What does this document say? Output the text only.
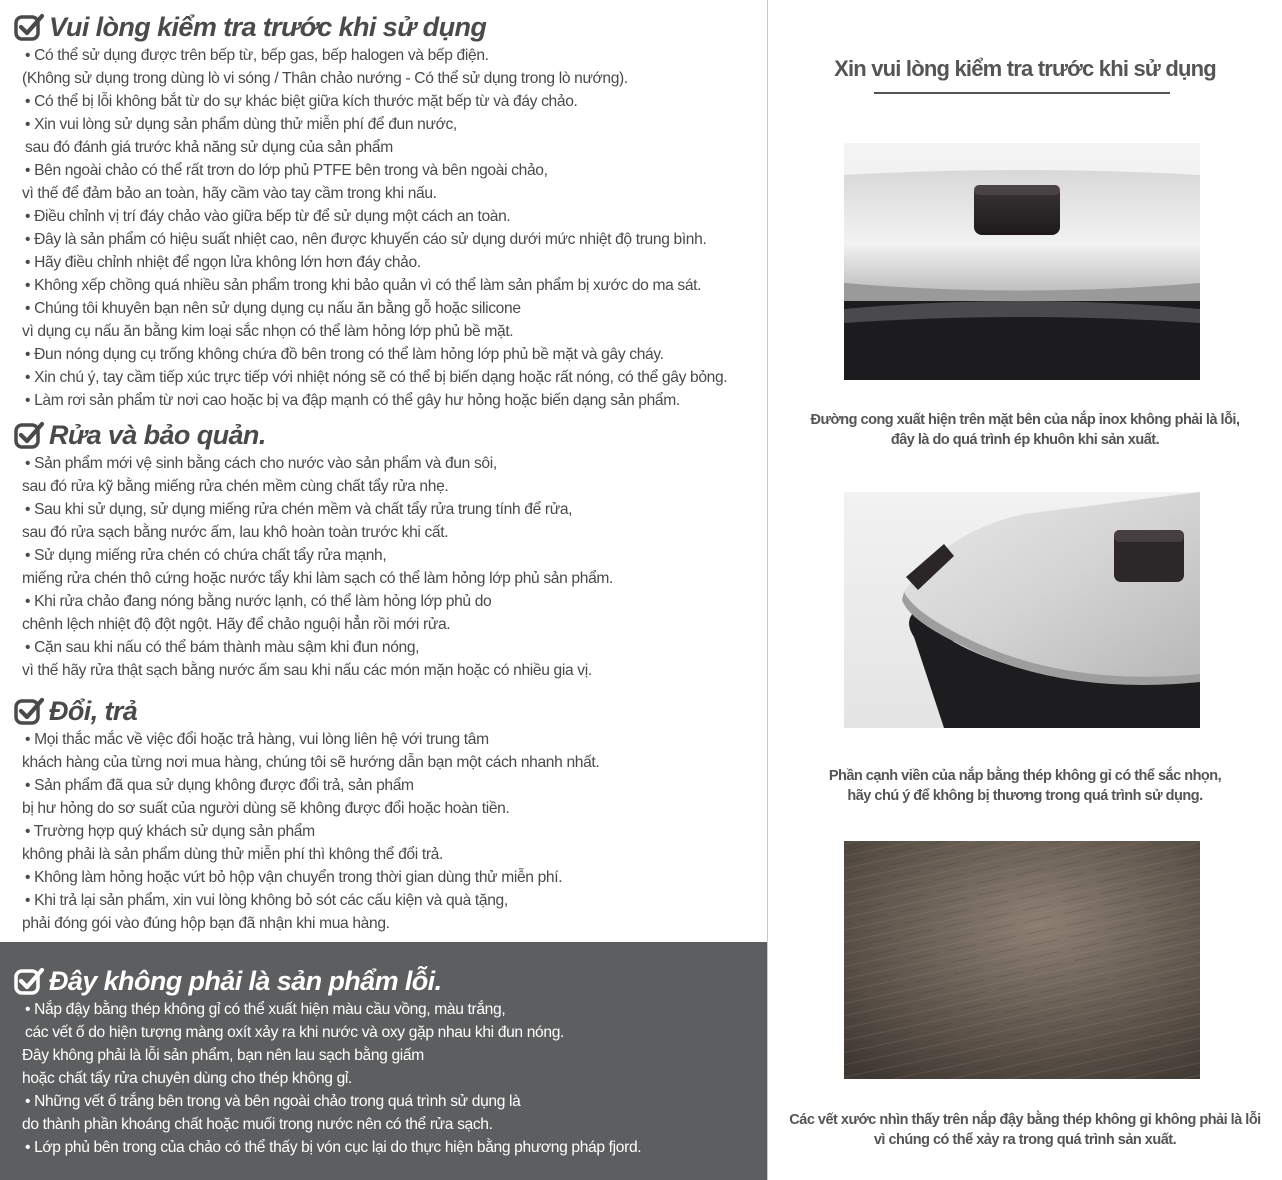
Vui lòng kiểm tra trước khi sử dụng
• Có thể sử dụng được trên bếp từ, bếp gas, bếp halogen và bếp điện.
(Không sử dụng trong dùng lò vi sóng / Thân chảo nướng - Có thể sử dụng trong lò nướng).
• Có thể bị lỗi không bắt từ do sự khác biệt giữa kích thước mặt bếp từ và đáy chảo.
• Xin vui lòng sử dụng sản phẩm dùng thử miễn phí để đun nước,
sau đó đánh giá trước khả năng sử dụng của sản phẩm
• Bên ngoài chảo có thể rất trơn do lớp phủ PTFE bên trong và bên ngoài chảo,
vì thế để đảm bảo an toàn, hãy cầm vào tay cầm trong khi nấu.
• Điều chỉnh vị trí đáy chảo vào giữa bếp từ để sử dụng một cách an toàn.
• Đây là sản phẩm có hiệu suất nhiệt cao, nên được khuyến cáo sử dụng dưới mức nhiệt độ trung bình.
• Hãy điều chỉnh nhiệt để ngọn lửa không lớn hơn đáy chảo.
• Không xếp chồng quá nhiều sản phẩm trong khi bảo quản vì có thể làm sản phẩm bị xước do ma sát.
• Chúng tôi khuyên bạn nên sử dụng dụng cụ nấu ăn bằng gỗ hoặc silicone
vì dụng cụ nấu ăn bằng kim loại sắc nhọn có thể làm hỏng lớp phủ bề mặt.
• Đun nóng dụng cụ trống không chứa đồ bên trong có thể làm hỏng lớp phủ bề mặt và gây cháy.
• Xin chú ý, tay cầm tiếp xúc trực tiếp với nhiệt nóng sẽ có thể bị biến dạng hoặc rất nóng, có thể gây bỏng.
• Làm rơi sản phẩm từ nơi cao hoặc bị va đập mạnh có thể gây hư hỏng hoặc biến dạng sản phẩm.
Rửa và bảo quản.
• Sản phẩm mới vệ sinh bằng cách cho nước vào sản phẩm và đun sôi,
sau đó rửa kỹ bằng miếng rửa chén mềm cùng chất tẩy rửa nhẹ.
• Sau khi sử dụng, sử dụng miếng rửa chén mềm và chất tẩy rửa trung tính để rửa,
sau đó rửa sạch bằng nước ấm, lau khô hoàn toàn trước khi cất.
• Sử dụng miếng rửa chén có chứa chất tẩy rửa mạnh,
miếng rửa chén thô cứng hoặc nước tẩy khi làm sạch có thể làm hỏng lớp phủ sản phẩm.
• Khi rửa chảo đang nóng bằng nước lạnh, có thể làm hỏng lớp phủ do
chênh lệch nhiệt độ đột ngột. Hãy để chảo nguội hẳn rồi mới rửa.
• Cặn sau khi nấu có thể bám thành màu sậm khi đun nóng,
vì thế hãy rửa thật sạch bằng nước ấm sau khi nấu các món mặn hoặc có nhiều gia vị.
Đổi, trả
• Mọi thắc mắc về việc đổi hoặc trả hàng, vui lòng liên hệ với trung tâm
khách hàng của từng nơi mua hàng, chúng tôi sẽ hướng dẫn bạn một cách nhanh nhất.
• Sản phẩm đã qua sử dụng không được đổi trả, sản phẩm
bị hư hỏng do sơ suất của người dùng sẽ không được đổi hoặc hoàn tiền.
• Trường hợp quý khách sử dụng sản phẩm
không phải là sản phẩm dùng thử miễn phí thì không thể đổi trả.
• Không làm hỏng hoặc vứt bỏ hộp vận chuyển trong thời gian dùng thử miễn phí.
• Khi trả lại sản phẩm, xin vui lòng không bỏ sót các cấu kiện và quà tặng,
phải đóng gói vào đúng hộp bạn đã nhận khi mua hàng.
Đây không phải là sản phẩm lỗi.
• Nắp đậy bằng thép không gỉ có thể xuất hiện màu cầu vồng, màu trắng,
các vết ố do hiện tượng màng oxít xảy ra khi nước và oxy gặp nhau khi đun nóng.
Đây không phải là lỗi sản phẩm, bạn nên lau sạch bằng giấm
hoặc chất tẩy rửa chuyên dùng cho thép không gỉ.
• Những vết ố trắng bên trong và bên ngoài chảo trong quá trình sử dụng là
do thành phần khoáng chất hoặc muối trong nước nên có thể rửa sạch.
• Lớp phủ bên trong của chảo có thể thấy bị vón cục lại do thực hiện bằng phương pháp fjord.
Xin vui lòng kiểm tra trước khi sử dụng
Đường cong xuất hiện trên mặt bên của nắp inox không phải là lỗi,
đây là do quá trình ép khuôn khi sản xuất.
Phần cạnh viền của nắp bằng thép không gỉ có thể sắc nhọn,
hãy chú ý để không bị thương trong quá trình sử dụng.
Các vết xước nhìn thấy trên nắp đậy bằng thép không gỉ không phải là lỗi
vì chúng có thể xảy ra trong quá trình sản xuất.
